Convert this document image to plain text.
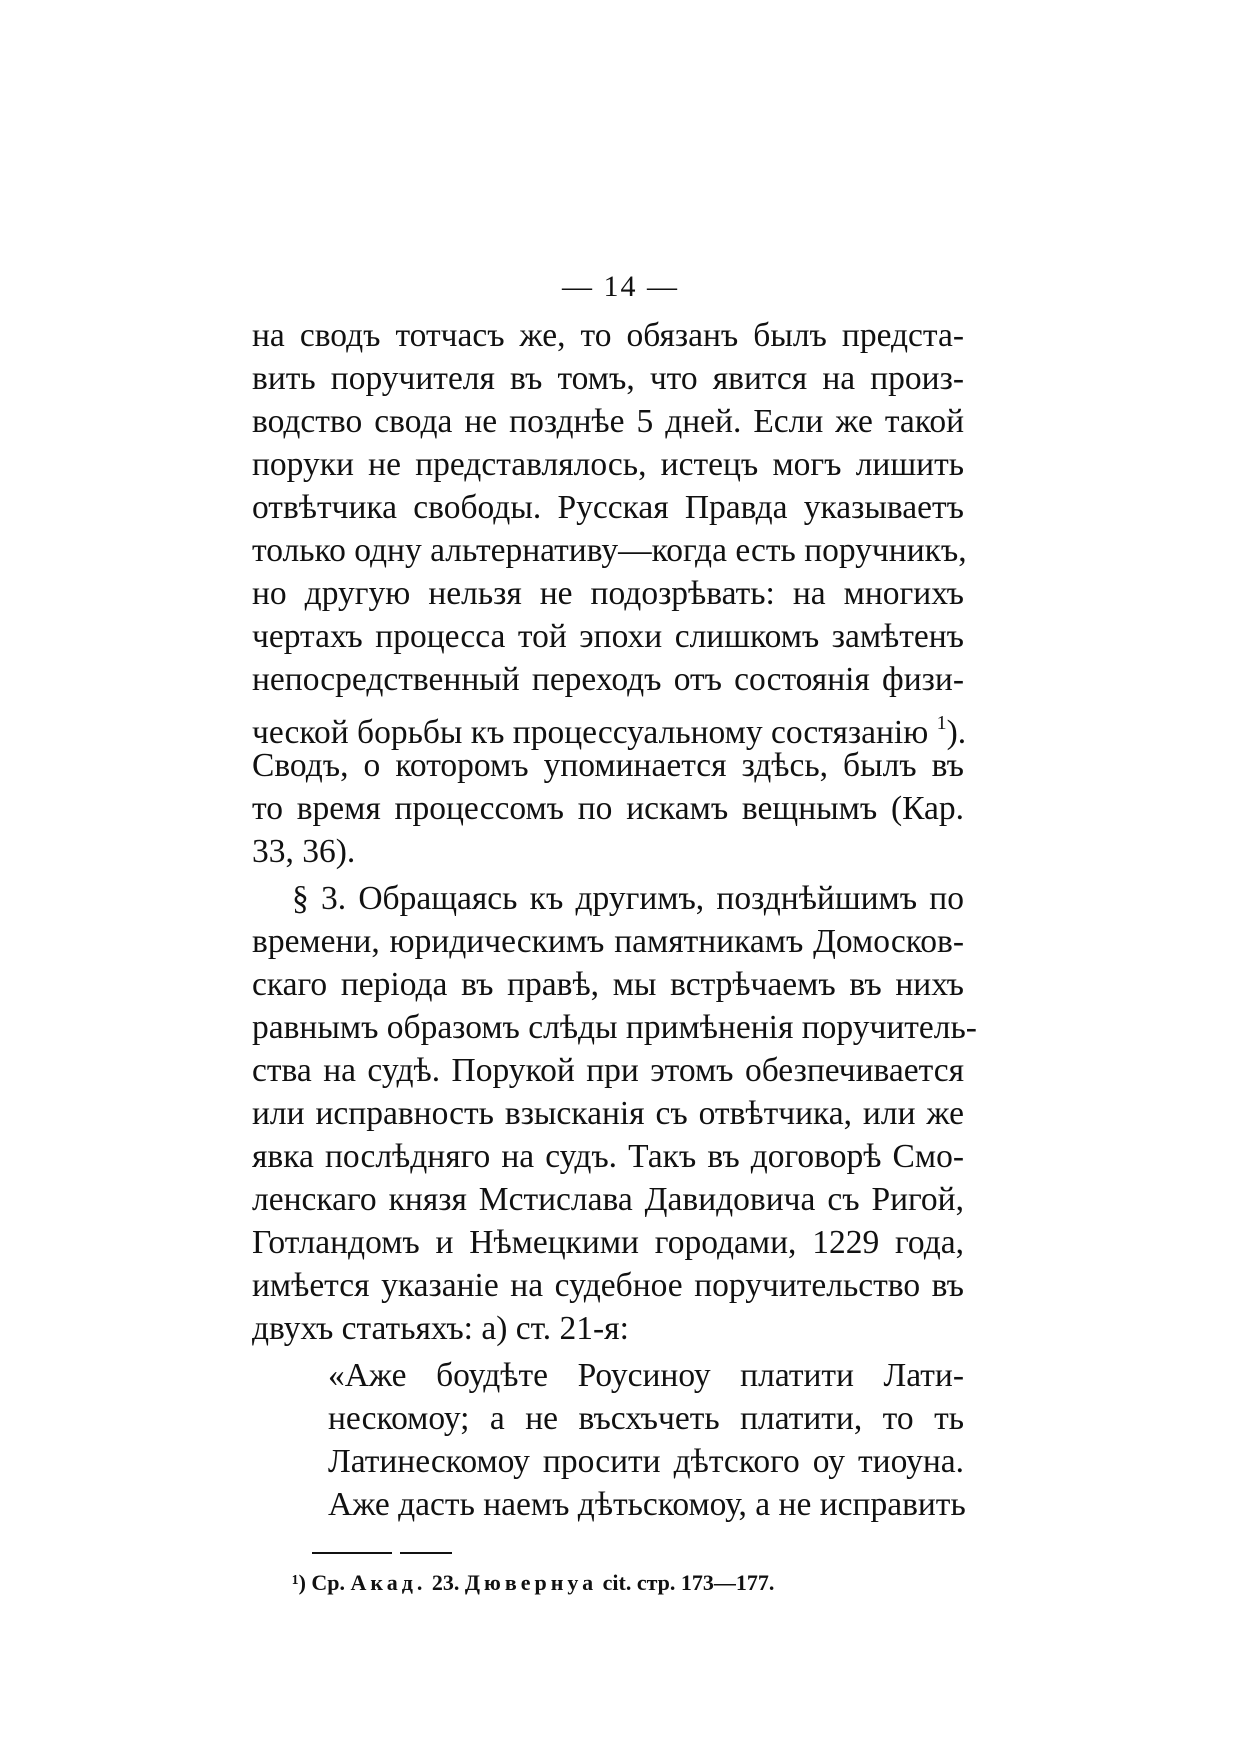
— 14 —
на сводъ тотчасъ же, то обязанъ былъ предста-
вить поручителя въ томъ, что явится на произ-
водство свода не позднѣе 5 дней. Если же такой
поруки не представлялось, истецъ могъ лишить
отвѣтчика свободы. Русская Правда указываетъ
только одну альтернативу—когда есть поручникъ,
но другую нельзя не подозрѣвать: на многихъ
чертахъ процесса той эпохи слишкомъ замѣтенъ
непосредственный переходъ отъ состоянія физи-
ческой борьбы къ процессуальному состязанію $^1$).
Сводъ, о которомъ упоминается здѣсь, былъ въ
то время процессомъ по искамъ вещнымъ (Кар.
33, 36).
§ 3. Обращаясь къ другимъ, позднѣйшимъ по
времени, юридическимъ памятникамъ Домосков-
скаго періода въ правѣ, мы встрѣчаемъ въ нихъ
равнымъ образомъ слѣды примѣненія поручитель-
ства на судѣ. Порукой при этомъ обезпечивается
или исправность взысканія съ отвѣтчика, или же
явка послѣдняго на судъ. Такъ въ договорѣ Смо-
ленскаго князя Мстислава Давидовича съ Ригой,
Готландомъ и Нѣмецкими городами, 1229 года,
имѣется указаніе на судебное поручительство въ
двухъ статьяхъ: а) ст. 21-я:
«Аже боудѣте Роусиноу платити Лати-
нескомоу; а не въсхъчеть платити, то ть
Латинескомоу просити дѣтского оу тиоуна.
Аже дасть наемъ дѣтьскомоу, а не исправить
¹) Ср. Акад. 23. Дювернуа cit. стр. 173—177.
